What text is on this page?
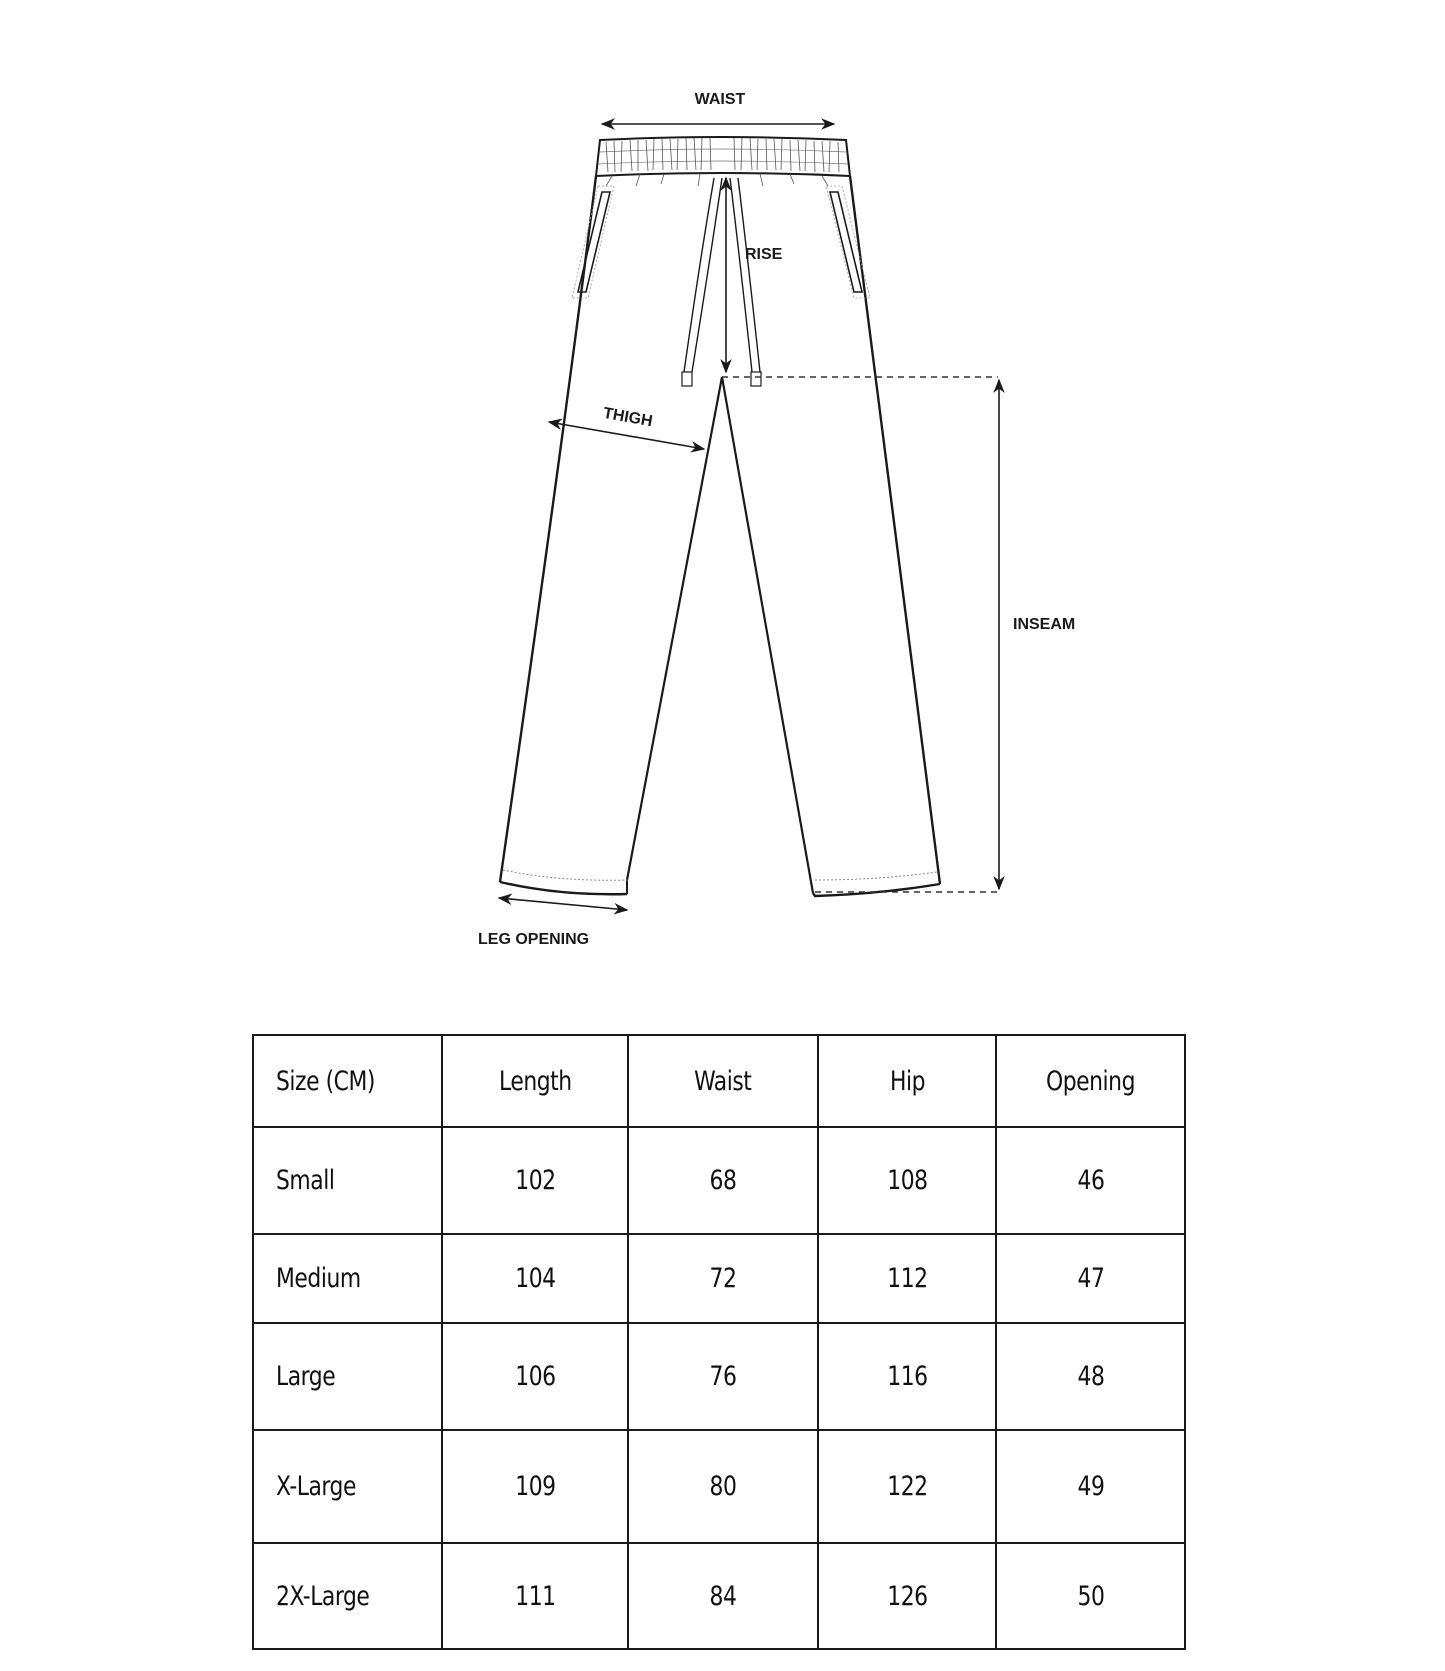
WAIST
RISE
THIGH
INSEAM
LEG OPENING
Size (CM)	Length	Waist	Hip	Opening
Small	102	68	108	46
Medium	104	72	112	47
Large	106	76	116	48
X-Large	109	80	122	49
2X-Large	111	84	126	50
